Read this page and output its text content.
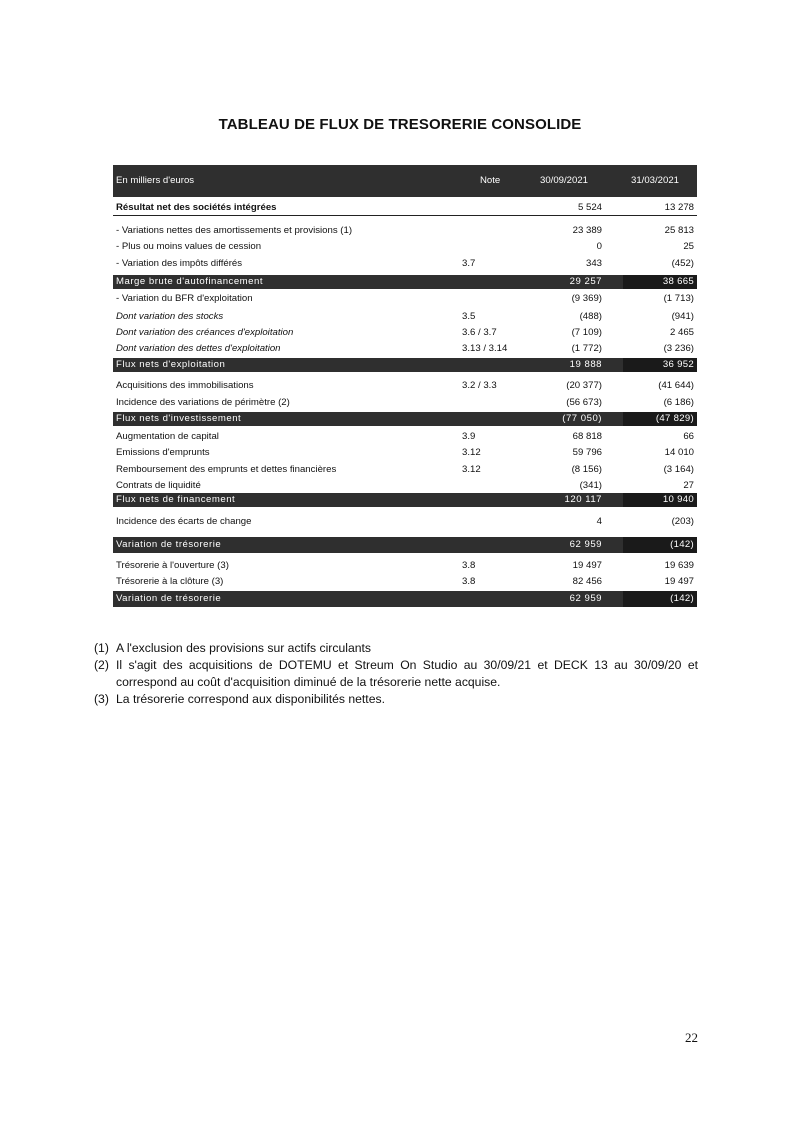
TABLEAU DE FLUX DE TRESORERIE CONSOLIDE
En milliers d'euros	Note	30/09/2021	31/03/2021
Résultat net des sociétés intégrées	5 524	13 278
- Variations nettes des amortissements et provisions (1)	23 389	25 813
- Plus ou moins values de cession	0	25
- Variation des impôts différés	3.7	343	(452)
Marge brute d'autofinancement	29 257	38 665
- Variation du BFR d'exploitation	(9 369)	(1 713)
Dont variation des stocks	3.5	(488)	(941)
Dont variation des créances d'exploitation	3.6 / 3.7	(7 109)	2 465
Dont variation des dettes d'exploitation	3.13 / 3.14	(1 772)	(3 236)
Flux nets d'exploitation	19 888	36 952
Acquisitions des immobilisations	3.2 / 3.3	(20 377)	(41 644)
Incidence des variations de périmètre (2)	(56 673)	(6 186)
Flux nets d'investissement	(77 050)	(47 829)
Augmentation de capital	3.9	68 818	66
Emissions d'emprunts	3.12	59 796	14 010
Remboursement des emprunts et dettes financières	3.12	(8 156)	(3 164)
Contrats de liquidité	(341)	27
Flux nets de financement	120 117	10 940
Incidence des écarts de change	4	(203)
Variation de trésorerie	62 959	(142)
Trésorerie à l'ouverture (3)	3.8	19 497	19 639
Trésorerie à la clôture (3)	3.8	82 456	19 497
Variation de trésorerie	62 959	(142)
(1) A l'exclusion des provisions sur actifs circulants
(2) Il s'agit des acquisitions de DOTEMU et Streum On Studio au 30/09/21 et DECK 13 au 30/09/20 et correspond au coût d'acquisition diminué de la trésorerie nette acquise.
(3) La trésorerie correspond aux disponibilités nettes.
22
